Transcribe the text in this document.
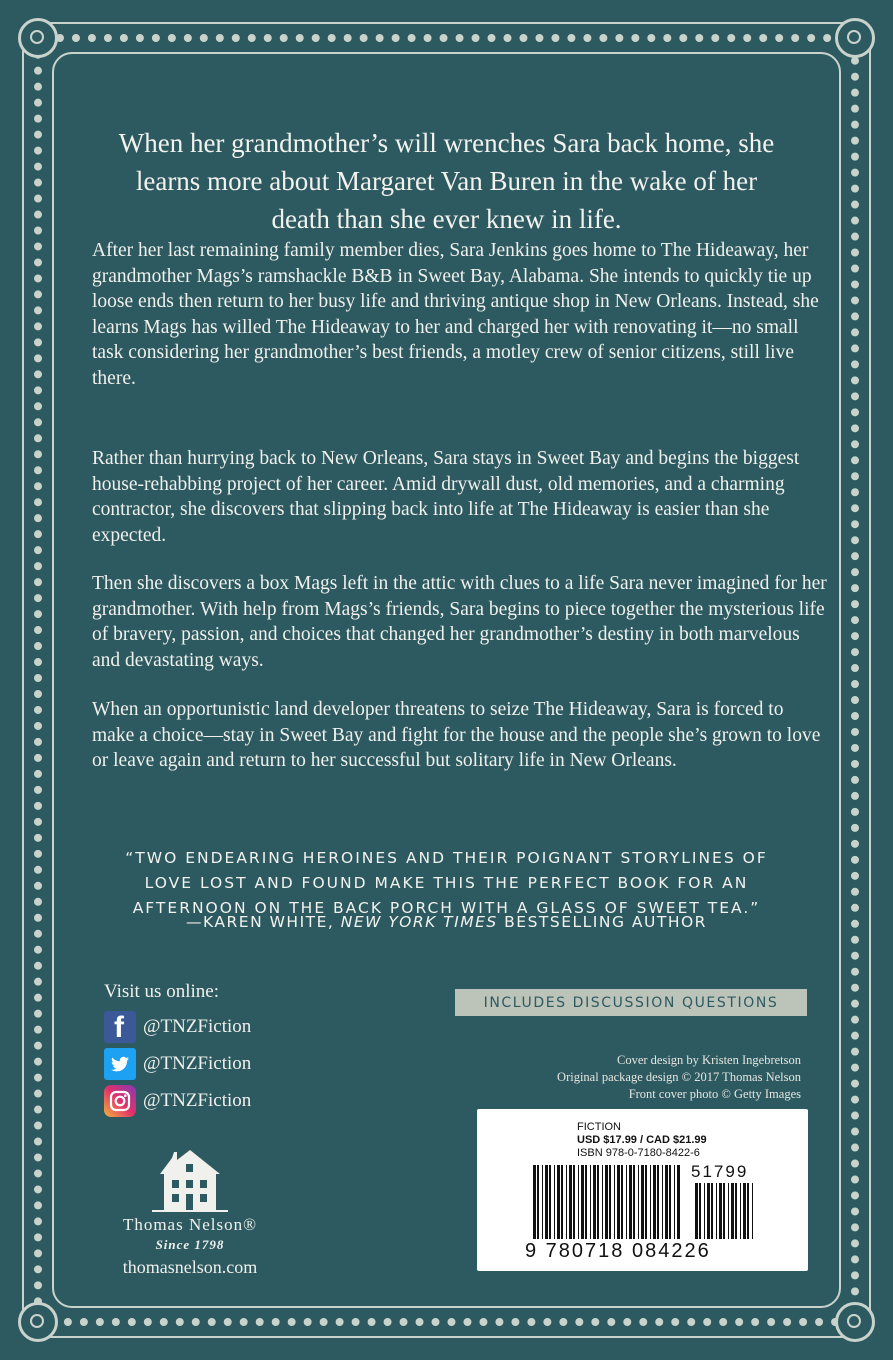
When her grandmother’s will wrenches Sara back home, she learns more about Margaret Van Buren in the wake of her death than she ever knew in life.

After her last remaining family member dies, Sara Jenkins goes home to The Hideaway, her grandmother Mags’s ramshackle B&B in Sweet Bay, Alabama. She intends to quickly tie up loose ends then return to her busy life and thriving antique shop in New Orleans. Instead, she learns Mags has willed The Hideaway to her and charged her with renovating it—no small task considering her grandmother’s best friends, a motley crew of senior citizens, still live there.

Rather than hurrying back to New Orleans, Sara stays in Sweet Bay and begins the biggest house-rehabbing project of her career. Amid drywall dust, old memories, and a charming contractor, she discovers that slipping back into life at The Hideaway is easier than she expected.

Then she discovers a box Mags left in the attic with clues to a life Sara never imagined for her grandmother. With help from Mags’s friends, Sara begins to piece together the mysterious life of bravery, passion, and choices that changed her grandmother’s destiny in both marvelous and devastating ways.

When an opportunistic land developer threatens to seize The Hideaway, Sara is forced to make a choice—stay in Sweet Bay and fight for the house and the people she’s grown to love or leave again and return to her successful but solitary life in New Orleans.

“TWO ENDEARING HEROINES AND THEIR POIGNANT STORYLINES OF LOVE LOST AND FOUND MAKE THIS THE PERFECT BOOK FOR AN AFTERNOON ON THE BACK PORCH WITH A GLASS OF SWEET TEA.”
—KAREN WHITE, NEW YORK TIMES BESTSELLING AUTHOR
Visit us online:
f @TNZFiction
@TNZFiction
@TNZFiction
Thomas Nelson®
Since 1798
thomasnelson.com
INCLUDES DISCUSSION QUESTIONS
Cover design by Kristen Ingebretson
Original package design © 2017 Thomas Nelson
Front cover photo © Getty Images
FICTION
USD $17.99 / CAD $21.99
ISBN 978-0-7180-8422-6
51799
9 780718 084226
